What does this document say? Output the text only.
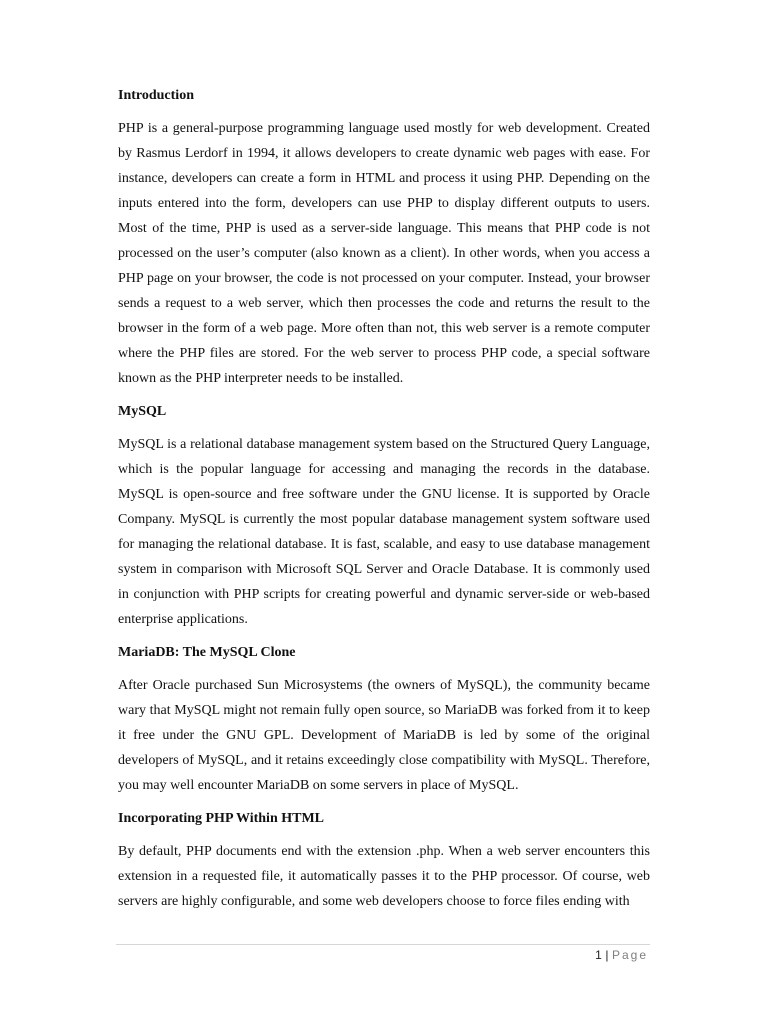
Introduction

PHP is a general-purpose programming language used mostly for web development. Created by Rasmus Lerdorf in 1994, it allows developers to create dynamic web pages with ease. For instance, developers can create a form in HTML and process it using PHP. Depending on the inputs entered into the form, developers can use PHP to display different outputs to users. Most of the time, PHP is used as a server-side language. This means that PHP code is not processed on the user’s computer (also known as a client). In other words, when you access a PHP page on your browser, the code is not processed on your computer. Instead, your browser sends a request to a web server, which then processes the code and returns the result to the browser in the form of a web page. More often than not, this web server is a remote computer where the PHP files are stored. For the web server to process PHP code, a special software known as the PHP interpreter needs to be installed.

MySQL

MySQL is a relational database management system based on the Structured Query Language, which is the popular language for accessing and managing the records in the database. MySQL is open-source and free software under the GNU license. It is supported by Oracle Company. MySQL is currently the most popular database management system software used for managing the relational database. It is fast, scalable, and easy to use database management system in comparison with Microsoft SQL Server and Oracle Database. It is commonly used in conjunction with PHP scripts for creating powerful and dynamic server-side or web-based enterprise applications.

MariaDB: The MySQL Clone

After Oracle purchased Sun Microsystems (the owners of MySQL), the community became wary that MySQL might not remain fully open source, so MariaDB was forked from it to keep it free under the GNU GPL. Development of MariaDB is led by some of the original developers of MySQL, and it retains exceedingly close compatibility with MySQL. Therefore, you may well encounter MariaDB on some servers in place of MySQL.

Incorporating PHP Within HTML

By default, PHP documents end with the extension .php. When a web server encounters this extension in a requested file, it automatically passes it to the PHP processor. Of course, web servers are highly configurable, and some web developers choose to force files ending with

1 | Page
